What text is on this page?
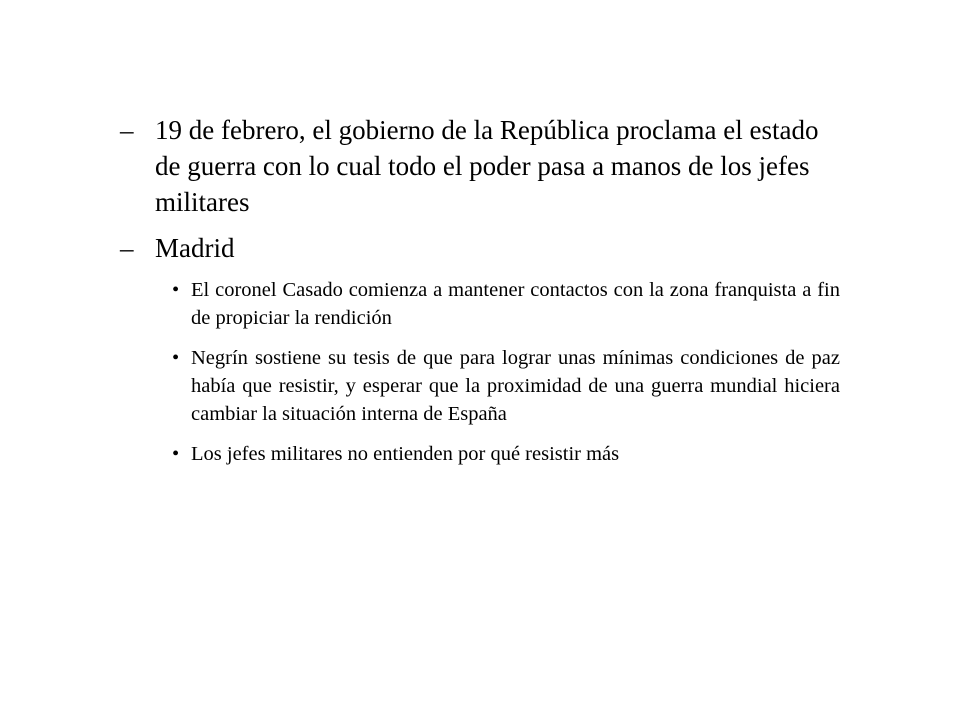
– 19 de febrero, el gobierno de la República proclama el estado de guerra con lo cual todo el poder pasa a manos de los jefes militares
– Madrid
• El coronel Casado comienza a mantener contactos con la zona franquista a fin de propiciar la rendición
• Negrín sostiene su tesis de que para lograr unas mínimas condiciones de paz había que resistir, y esperar que la proximidad de una guerra mundial hiciera cambiar la situación interna de España
• Los jefes militares no entienden por qué resistir más
